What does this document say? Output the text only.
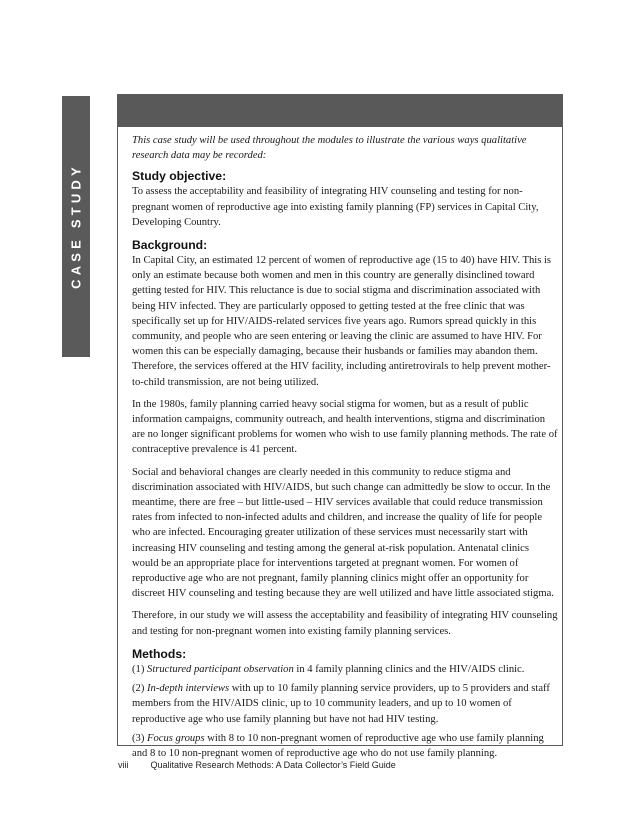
CASE STUDY

This case study will be used throughout the modules to illustrate the various ways qualitative research data may be recorded:

Study objective:

To assess the acceptability and feasibility of integrating HIV counseling and testing for non-pregnant women of reproductive age into existing family planning (FP) services in Capital City, Developing Country.

Background:

In Capital City, an estimated 12 percent of women of reproductive age (15 to 40) have HIV. This is only an estimate because both women and men in this country are generally disinclined toward getting tested for HIV. This reluctance is due to social stigma and discrimination associated with being HIV infected. They are particularly opposed to getting tested at the free clinic that was specifically set up for HIV/AIDS-related services five years ago. Rumors spread quickly in this community, and people who are seen entering or leaving the clinic are assumed to have HIV. For women this can be especially damaging, because their husbands or families may abandon them. Therefore, the services offered at the HIV facility, including antiretrovirals to help prevent mother-to-child transmission, are not being utilized.

In the 1980s, family planning carried heavy social stigma for women, but as a result of public information campaigns, community outreach, and health interventions, stigma and discrimination are no longer significant problems for women who wish to use family planning methods. The rate of contraceptive prevalence is 41 percent.

Social and behavioral changes are clearly needed in this community to reduce stigma and discrimination associated with HIV/AIDS, but such change can admittedly be slow to occur. In the meantime, there are free – but little-used – HIV services available that could reduce transmission rates from infected to non-infected adults and children, and increase the quality of life for people who are infected. Encouraging greater utilization of these services must necessarily start with increasing HIV counseling and testing among the general at-risk population. Antenatal clinics would be an appropriate place for interventions targeted at pregnant women. For women of reproductive age who are not pregnant, family planning clinics might offer an opportunity for discreet HIV counseling and testing because they are well utilized and have little associated stigma.

Therefore, in our study we will assess the acceptability and feasibility of integrating HIV counseling and testing for non-pregnant women into existing family planning services.

Methods:

(1) Structured participant observation in 4 family planning clinics and the HIV/AIDS clinic.

(2) In-depth interviews with up to 10 family planning service providers, up to 5 providers and staff members from the HIV/AIDS clinic, up to 10 community leaders, and up to 10 women of reproductive age who use family planning but have not had HIV testing.

(3) Focus groups with 8 to 10 non-pregnant women of reproductive age who use family planning and 8 to 10 non-pregnant women of reproductive age who do not use family planning.

viii Qualitative Research Methods: A Data Collector’s Field Guide
